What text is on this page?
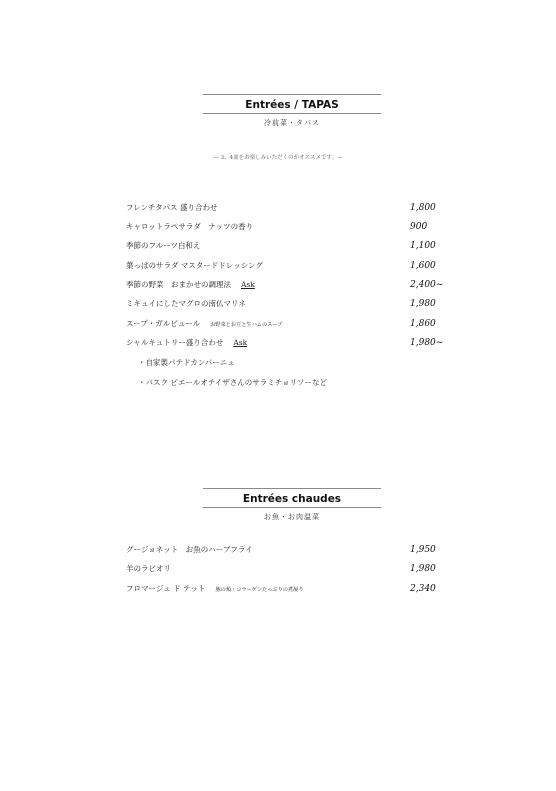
Entrées / TAPAS
冷前菜・タパス
— 3、4皿をお楽しみいただくのがオススメです。—
フレンチタパス 盛り合わせ	1,800
キャロットラペサラダ　ナッツの香り	900
季節のフルーツ白和え	1,100
葉っぱのサラダ マスタードドレッシング	1,600
季節の野菜　おまかせの調理法 Ask	2,400~
ミキュイにしたマグロの南仏マリネ	1,980
スープ・ガルビュール お野菜とお豆と生ハムのスープ	1,860
シャルキュトリー盛り合わせ Ask	1,980~
・自家製パテドカンパーニュ
・バスク ピエールオテイザさんのサラミチョリソーなど
Entrées chaudes
お魚・お肉温菜
グージョネット　お魚のハーブフライ	1,950
羊のラビオリ	1,980
フロマージュ ド テット 豚の頬・コラーゲンたっぷりの煮凝り	2,340
